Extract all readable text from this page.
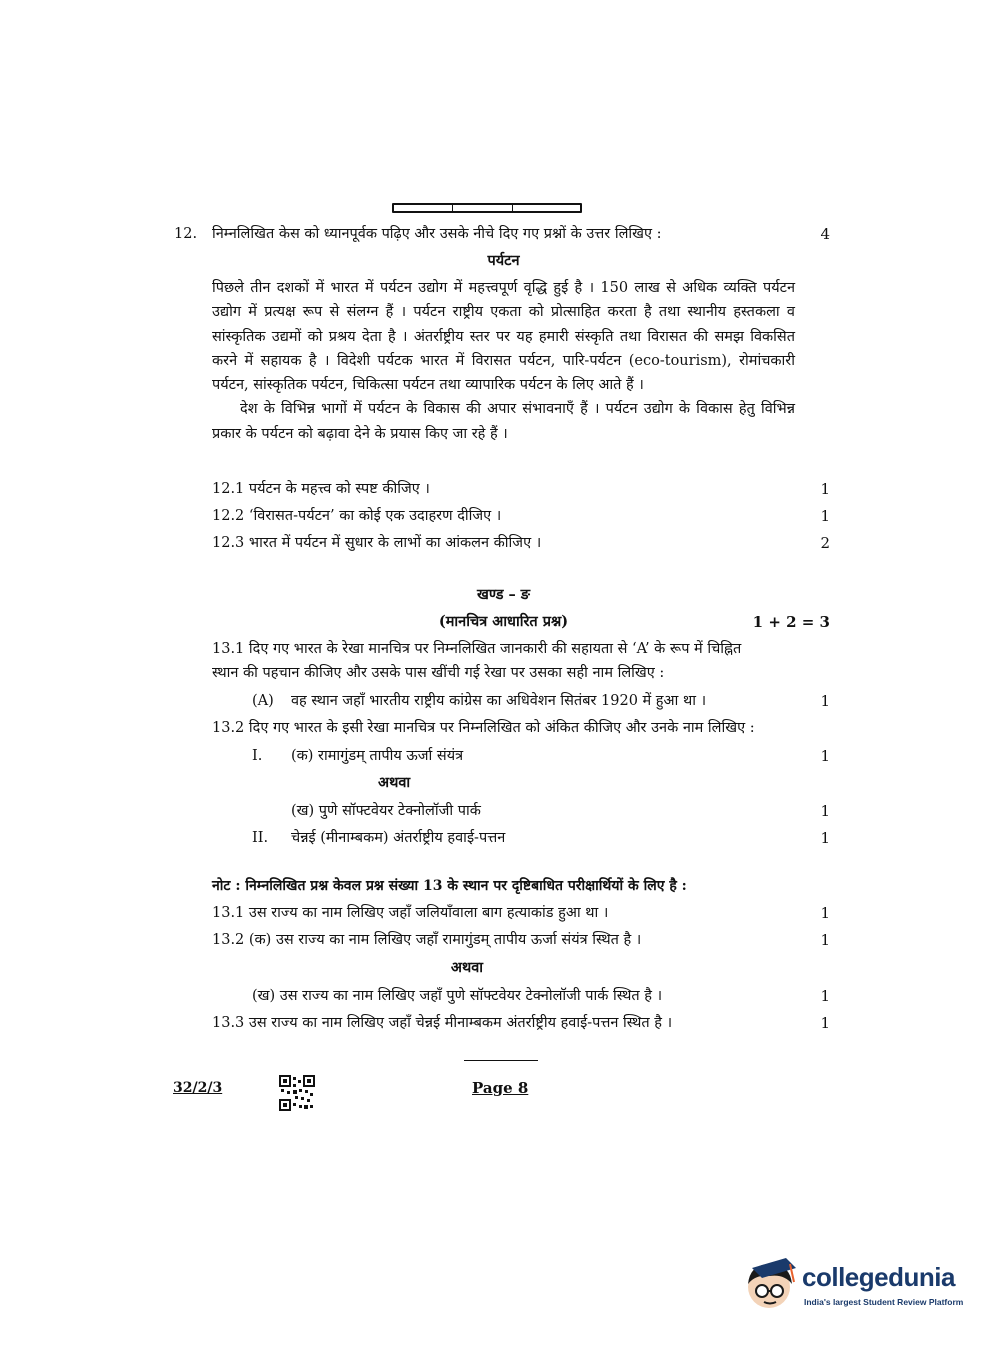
12. निम्नलिखित केस को ध्यानपूर्वक पढ़िए और उसके नीचे दिए गए प्रश्नों के उत्तर लिखिए :	4
पर्यटन

पिछले तीन दशकों में भारत में पर्यटन उद्योग में महत्त्वपूर्ण वृद्धि हुई है । 150 लाख से अधिक व्यक्ति पर्यटन उद्योग में प्रत्यक्ष रूप से संलग्न हैं । पर्यटन राष्ट्रीय एकता को प्रोत्साहित करता है तथा स्थानीय हस्तकला व सांस्कृतिक उद्यमों को प्रश्रय देता है । अंतर्राष्ट्रीय स्तर पर यह हमारी संस्कृति तथा विरासत की समझ विकसित करने में सहायक है । विदेशी पर्यटक भारत में विरासत पर्यटन, पारि-पर्यटन (eco-tourism), रोमांचकारी पर्यटन, सांस्कृतिक पर्यटन, चिकित्सा पर्यटन तथा व्यापारिक पर्यटन के लिए आते हैं ।

देश के विभिन्न भागों में पर्यटन के विकास की अपार संभावनाएँ हैं । पर्यटन उद्योग के विकास हेतु विभिन्न प्रकार के पर्यटन को बढ़ावा देने के प्रयास किए जा रहे हैं ।

12.1 पर्यटन के महत्त्व को स्पष्ट कीजिए ।	1
12.2 ‘विरासत-पर्यटन’ का कोई एक उदाहरण दीजिए ।	1
12.3 भारत में पर्यटन में सुधार के लाभों का आंकलन कीजिए ।	2
खण्ड – ङ
(मानचित्र आधारित प्रश्न)	1 + 2 = 3
13.1 दिए गए भारत के रेखा मानचित्र पर निम्नलिखित जानकारी की सहायता से ‘A’ के रूप में चिह्नित
स्थान की पहचान कीजिए और उसके पास खींची गई रेखा पर उसका सही नाम लिखिए :
(A) वह स्थान जहाँ भारतीय राष्ट्रीय कांग्रेस का अधिवेशन सितंबर 1920 में हुआ था ।	1
13.2 दिए गए भारत के इसी रेखा मानचित्र पर निम्नलिखित को अंकित कीजिए और उनके नाम लिखिए :
I. (क) रामागुंडम् तापीय ऊर्जा संयंत्र	1
अथवा
(ख) पुणे सॉफ्टवेयर टेक्नोलॉजी पार्क	1
II. चेन्नई (मीनाम्बकम) अंतर्राष्ट्रीय हवाई-पत्तन	1
नोट : निम्नलिखित प्रश्न केवल प्रश्न संख्या 13 के स्थान पर दृष्टिबाधित परीक्षार्थियों के लिए है :
13.1 उस राज्य का नाम लिखिए जहाँ जलियाँवाला बाग हत्याकांड हुआ था ।	1
13.2 (क) उस राज्य का नाम लिखिए जहाँ रामागुंडम् तापीय ऊर्जा संयंत्र स्थित है ।	1
अथवा
(ख) उस राज्य का नाम लिखिए जहाँ पुणे सॉफ्टवेयर टेक्नोलॉजी पार्क स्थित है ।	1
13.3 उस राज्य का नाम लिखिए जहाँ चेन्नई मीनाम्बकम अंतर्राष्ट्रीय हवाई-पत्तन स्थित है ।	1
32/2/3	Page 8
collegedunia
India's largest Student Review Platform
